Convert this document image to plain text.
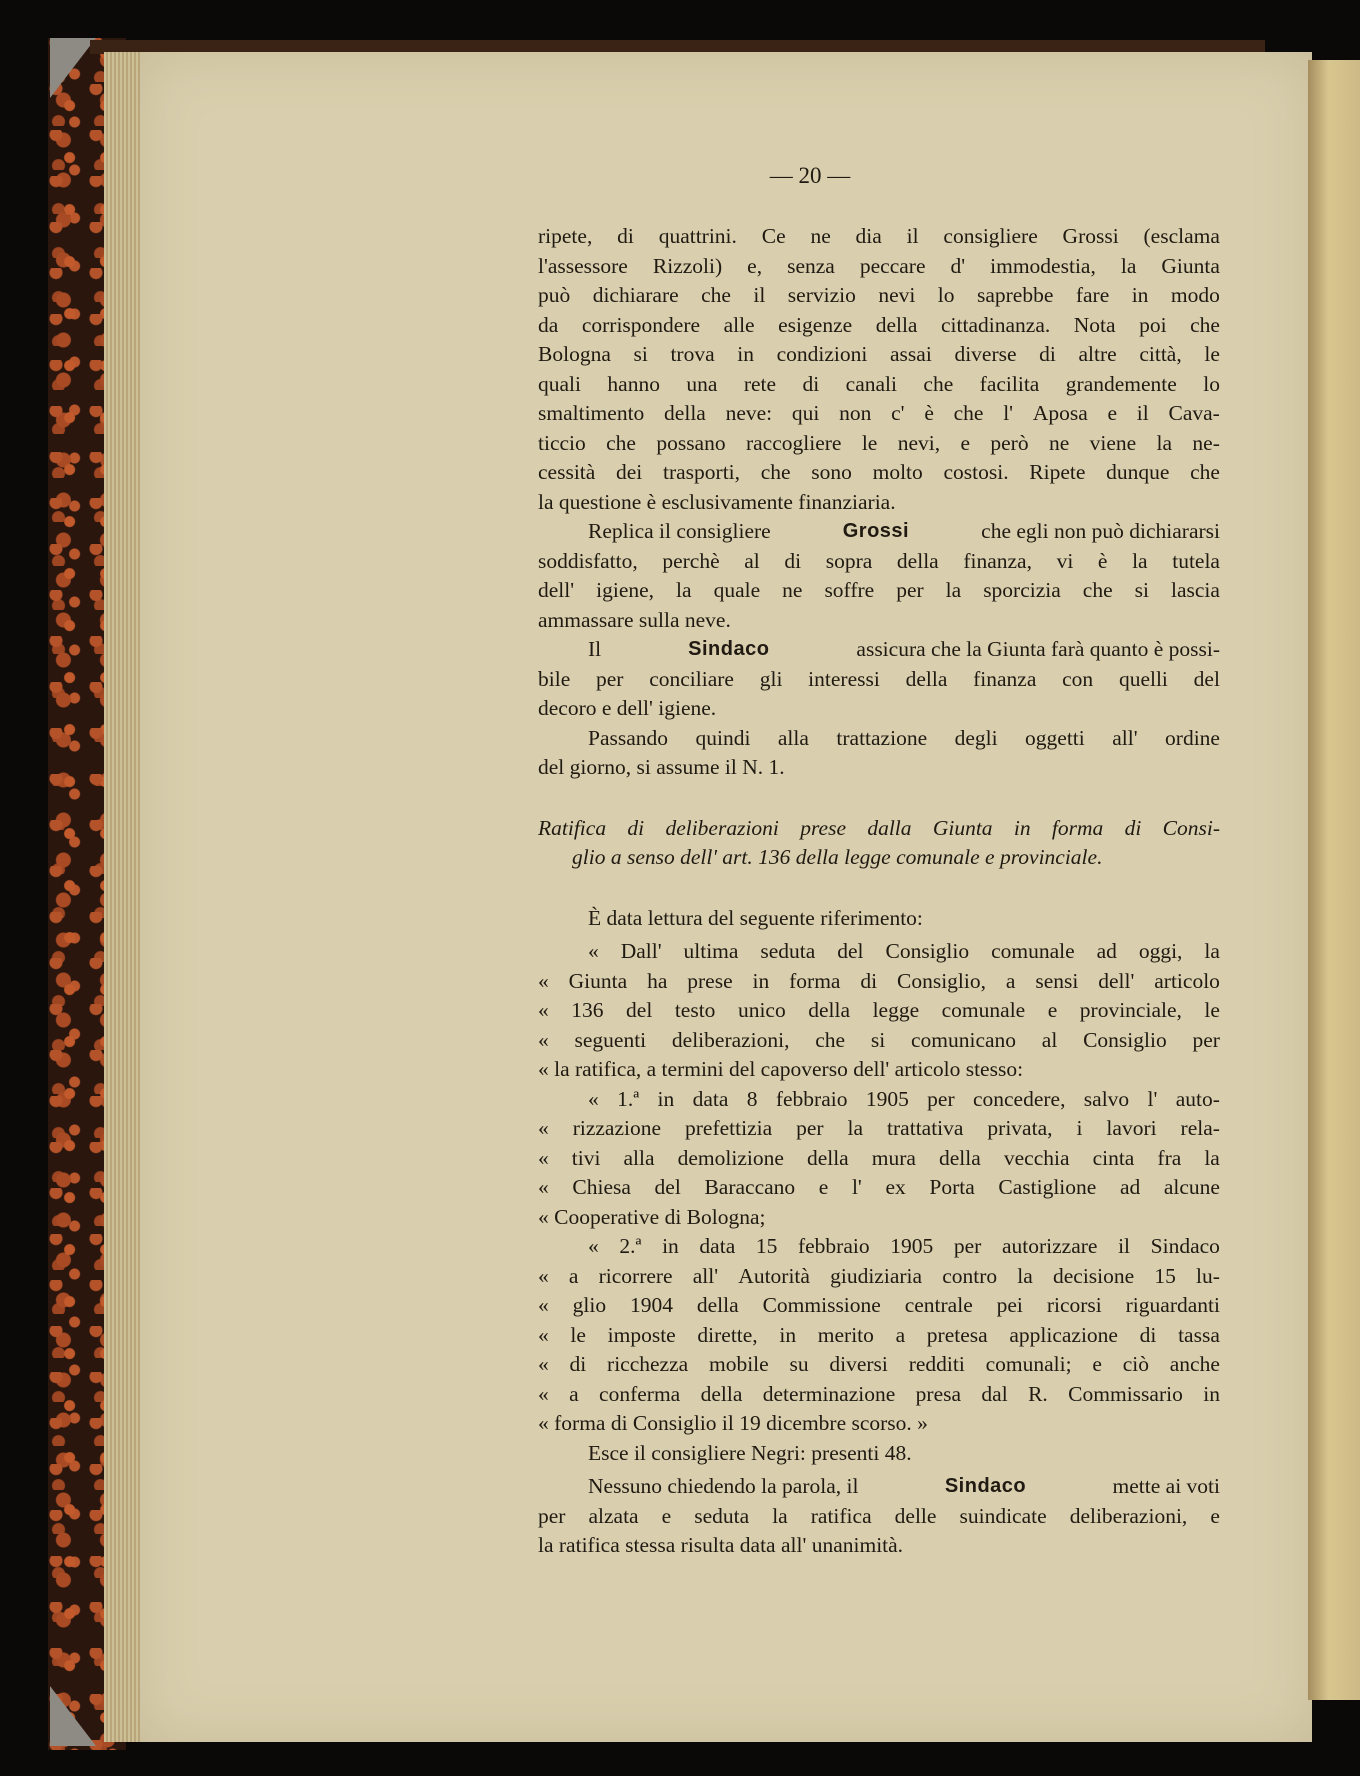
— 20 —
ripete, di quattrini. Ce ne dia il consigliere Grossi (esclama
l'assessore Rizzoli) e, senza peccare d' immodestia, la Giunta
può dichiarare che il servizio nevi lo saprebbe fare in modo
da corrispondere alle esigenze della cittadinanza. Nota poi che
Bologna si trova in condizioni assai diverse di altre città, le
quali hanno una rete di canali che facilita grandemente lo
smaltimento della neve: qui non c' è che l' Aposa e il Cava-
ticcio che possano raccogliere le nevi, e però ne viene la ne-
cessità dei trasporti, che sono molto costosi. Ripete dunque che
la questione è esclusivamente finanziaria.
Replica il consigliere	Grossi	che egli non può dichiararsi
soddisfatto, perchè al di sopra della finanza, vi è la tutela
dell' igiene, la quale ne soffre per la sporcizia che si lascia
ammassare sulla neve.
Il	Sindaco	assicura che la Giunta farà quanto è possi-
bile per conciliare gli interessi della finanza con quelli del
decoro e dell' igiene.
Passando quindi alla trattazione degli oggetti all' ordine
del giorno, si assume il N. 1.
Ratifica di deliberazioni prese dalla Giunta in forma di Consi-
glio a senso dell' art. 136 della legge comunale e provinciale.
È data lettura del seguente riferimento:
« Dall' ultima seduta del Consiglio comunale ad oggi, la
« Giunta ha prese in forma di Consiglio, a sensi dell' articolo
« 136 del testo unico della legge comunale e provinciale, le
« seguenti deliberazioni, che si comunicano al Consiglio per
« la ratifica, a termini del capoverso dell' articolo stesso:
« 1.ª in data 8 febbraio 1905 per concedere, salvo l' auto-
« rizzazione prefettizia per la trattativa privata, i lavori rela-
« tivi alla demolizione della mura della vecchia cinta fra la
« Chiesa del Baraccano e l' ex Porta Castiglione ad alcune
« Cooperative di Bologna;
« 2.ª in data 15 febbraio 1905 per autorizzare il Sindaco
« a ricorrere all' Autorità giudiziaria contro la decisione 15 lu-
« glio 1904 della Commissione centrale pei ricorsi riguardanti
« le imposte dirette, in merito a pretesa applicazione di tassa
« di ricchezza mobile su diversi redditi comunali; e ciò anche
« a conferma della determinazione presa dal R. Commissario in
« forma di Consiglio il 19 dicembre scorso. »
Esce il consigliere Negri: presenti 48.
Nessuno chiedendo la parola, il	Sindaco	mette ai voti
per alzata e seduta la ratifica delle suindicate deliberazioni, e
la ratifica stessa risulta data all' unanimità.
